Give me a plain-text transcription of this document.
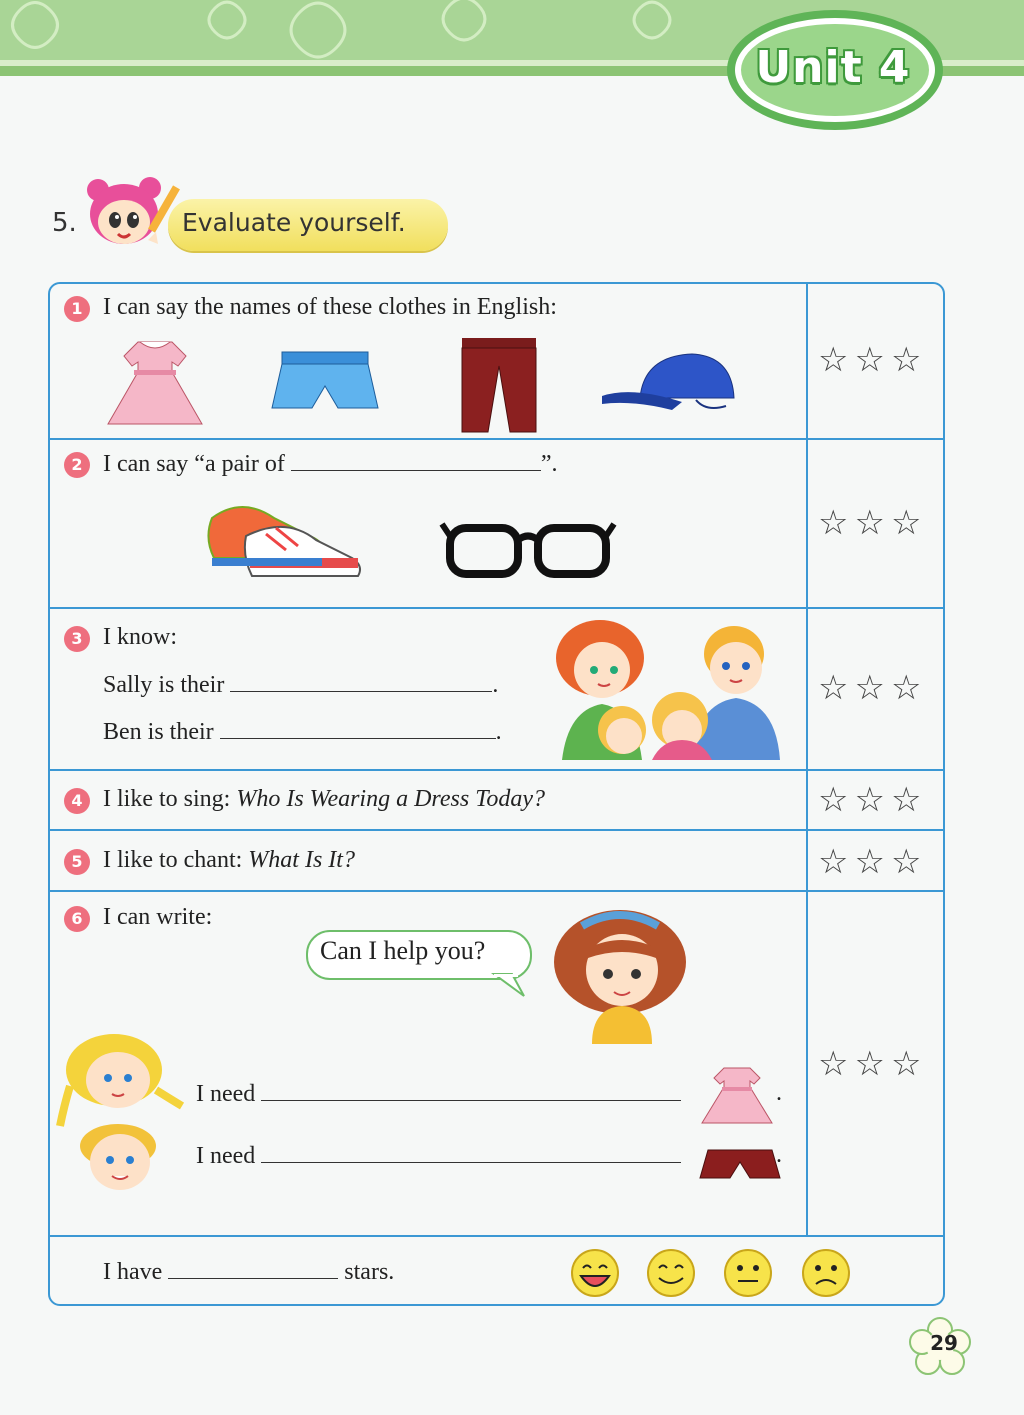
Unit 4
5.	Evaluate yourself.
1 I can say the names of these clothes in English:
☆☆☆
2 I can say “a pair of	”.
☆☆☆
3 I know:
Sally is their	.
Ben is their	.
☆☆☆
4 I like to sing: Who Is Wearing a Dress Today?	☆☆☆
5 I like to chant: What Is It?	☆☆☆
6 I can write:
Can I help you?
I need	.
I need	.
☆☆☆
I have	stars.
29
